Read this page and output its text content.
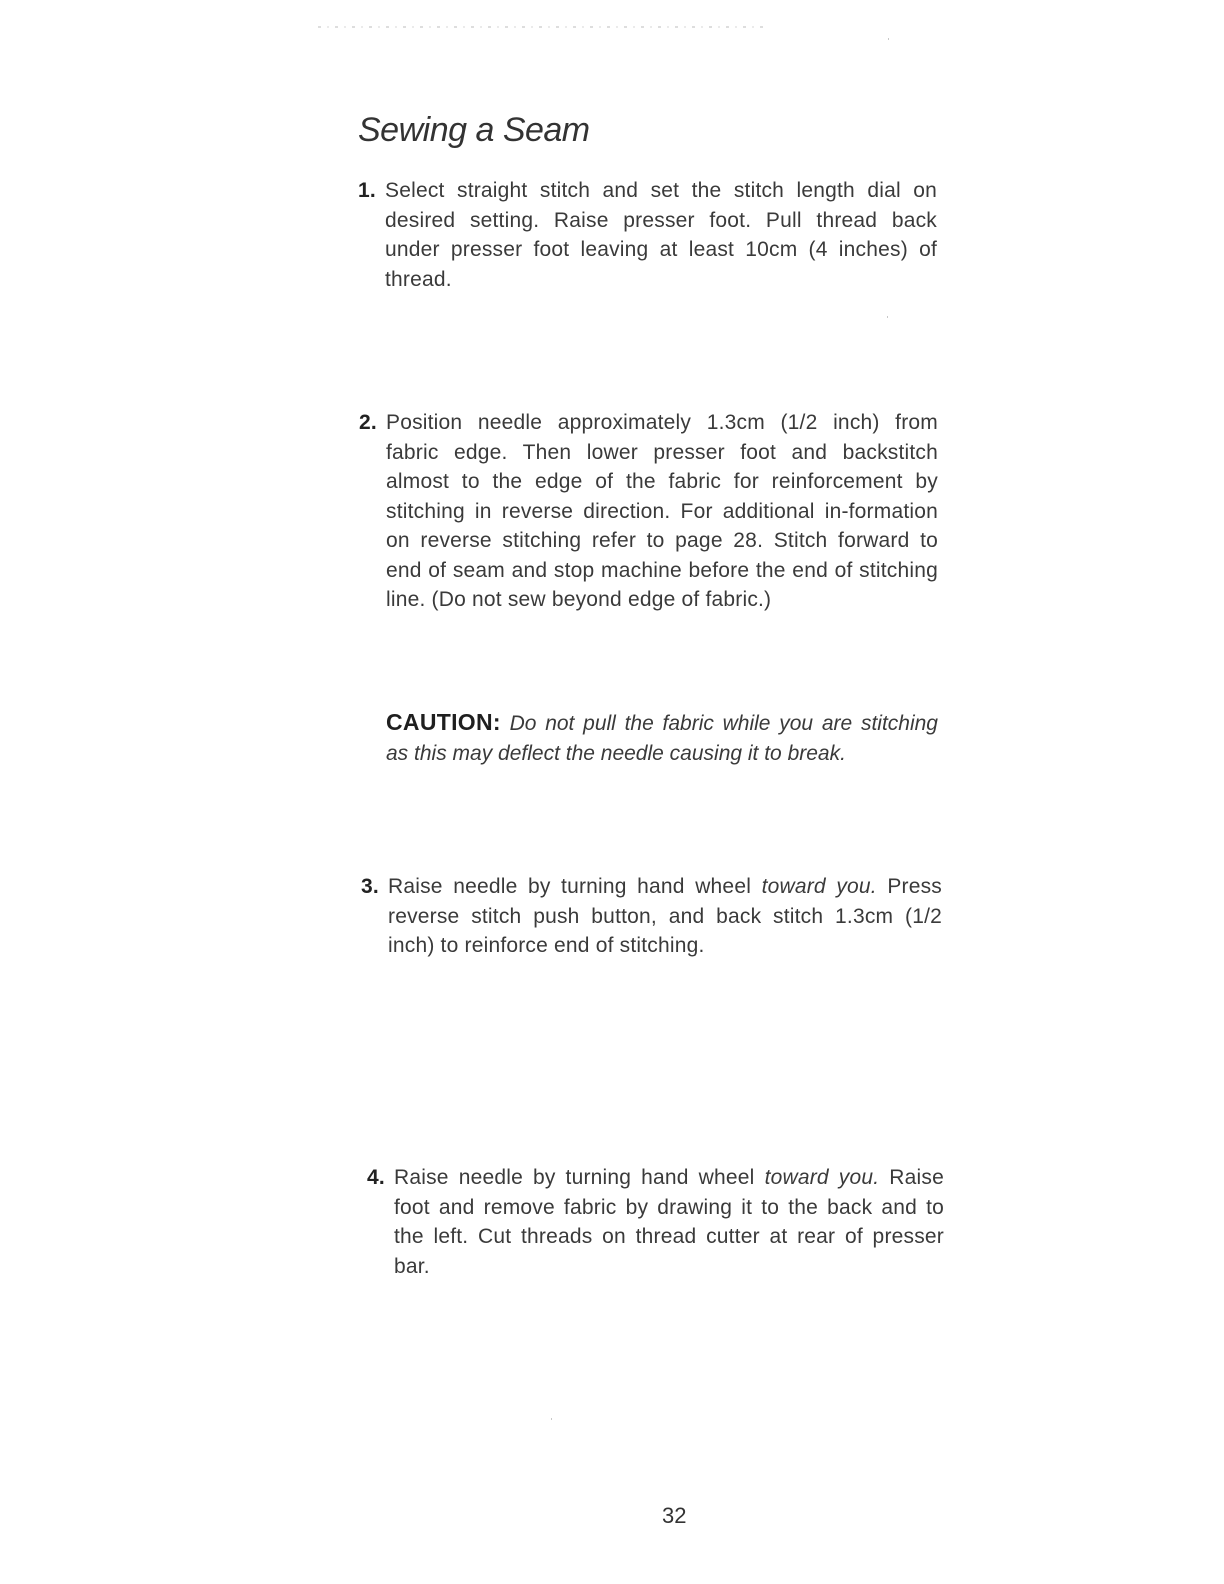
Sewing a Seam
1. Select straight stitch and set the stitch length dial on desired setting. Raise presser foot. Pull thread back under presser foot leaving at least 10cm (4 inches) of thread.

2. Position needle approximately 1.3cm (1/2 inch) from fabric edge. Then lower presser foot and backstitch almost to the edge of the fabric for reinforcement by stitching in reverse direction. For additional in-formation on reverse stitching refer to page 28. Stitch forward to end of seam and stop machine before the end of stitching line. (Do not sew beyond edge of fabric.)

CAUTION: Do not pull the fabric while you are stitching as this may deflect the needle causing it to break.
3. Raise needle by turning hand wheel toward you. Press reverse stitch push button, and back stitch 1.3cm (1/2 inch) to reinforce end of stitching.

4. Raise needle by turning hand wheel toward you. Raise foot and remove fabric by drawing it to the back and to the left. Cut threads on thread cutter at rear of presser bar.

32
